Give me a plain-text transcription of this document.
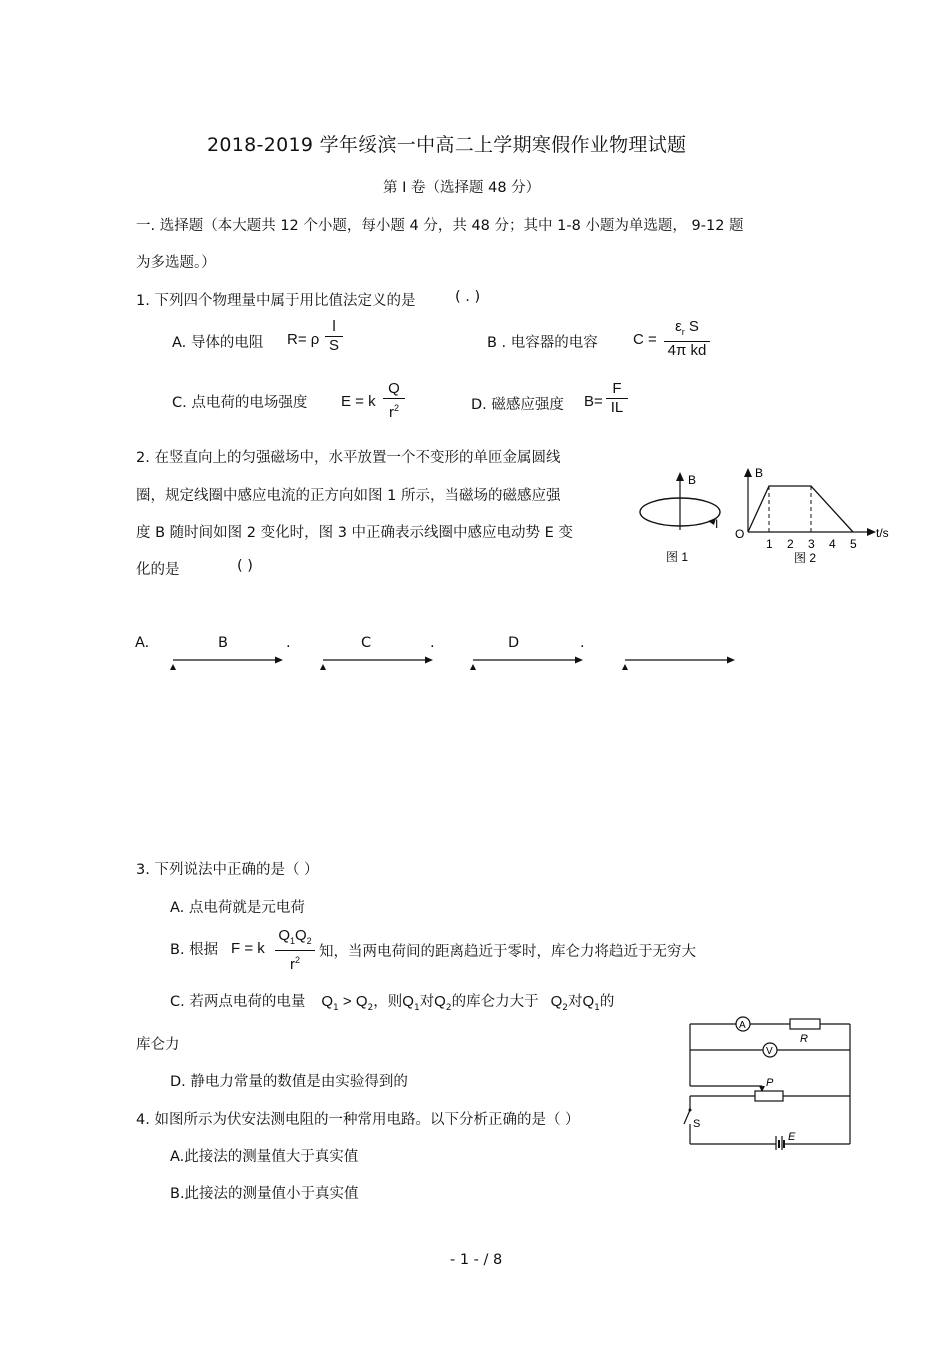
2018-2019 学年绥滨一中高二上学期寒假作业物理试题
第 I 卷（选择题 48 分）
一. 选择题（本大题共 12 个小题，每小题 4 分，共 48 分；其中 1-8 小题为单选题， 9-12 题
为多选题。）
1. 下列四个物理量中属于用比值法定义的是	( . )
A. 导体的电阻 R= ρ
l
S	B . 电容器的电容 C =
$\varepsilon_r$ S
4π kd
C. 点电荷的电场强度 E = k
Q
$r^2$	D. 磁感应强度 B=
F
IL
2. 在竖直向上的匀强磁场中，水平放置一个不变形的单匝金属圆线
圈，规定线圈中感应电流的正方向如图 1 所示，当磁场的磁感应强
度 B 随时间如图 2 变化时，图 3 中正确表示线圈中感应电动势 E 变
化的是	( )
B
I
图 1
B
O	t/s
1 2 3 4 5
图 2
A.	B	.	C	.	D	.
3. 下列说法中正确的是（ ）
A. 点电荷就是元电荷
B. 根据 F = k
$Q_1Q_2$
$r^2$ 知，当两电荷间的距离趋近于零时，库仑力将趋近于无穷大
C. 若两点电荷的电量 $Q_1 > Q_2$，则$Q_1$对$Q_2$的库仑力大于 $Q_2$对$Q_1$的
库仑力
D. 静电力常量的数值是由实验得到的
A
R
V
P
S
E
4. 如图所示为伏安法测电阻的一种常用电路。以下分析正确的是（ ）
A.此接法的测量值大于真实值
B.此接法的测量值小于真实值
- 1 - / 8
